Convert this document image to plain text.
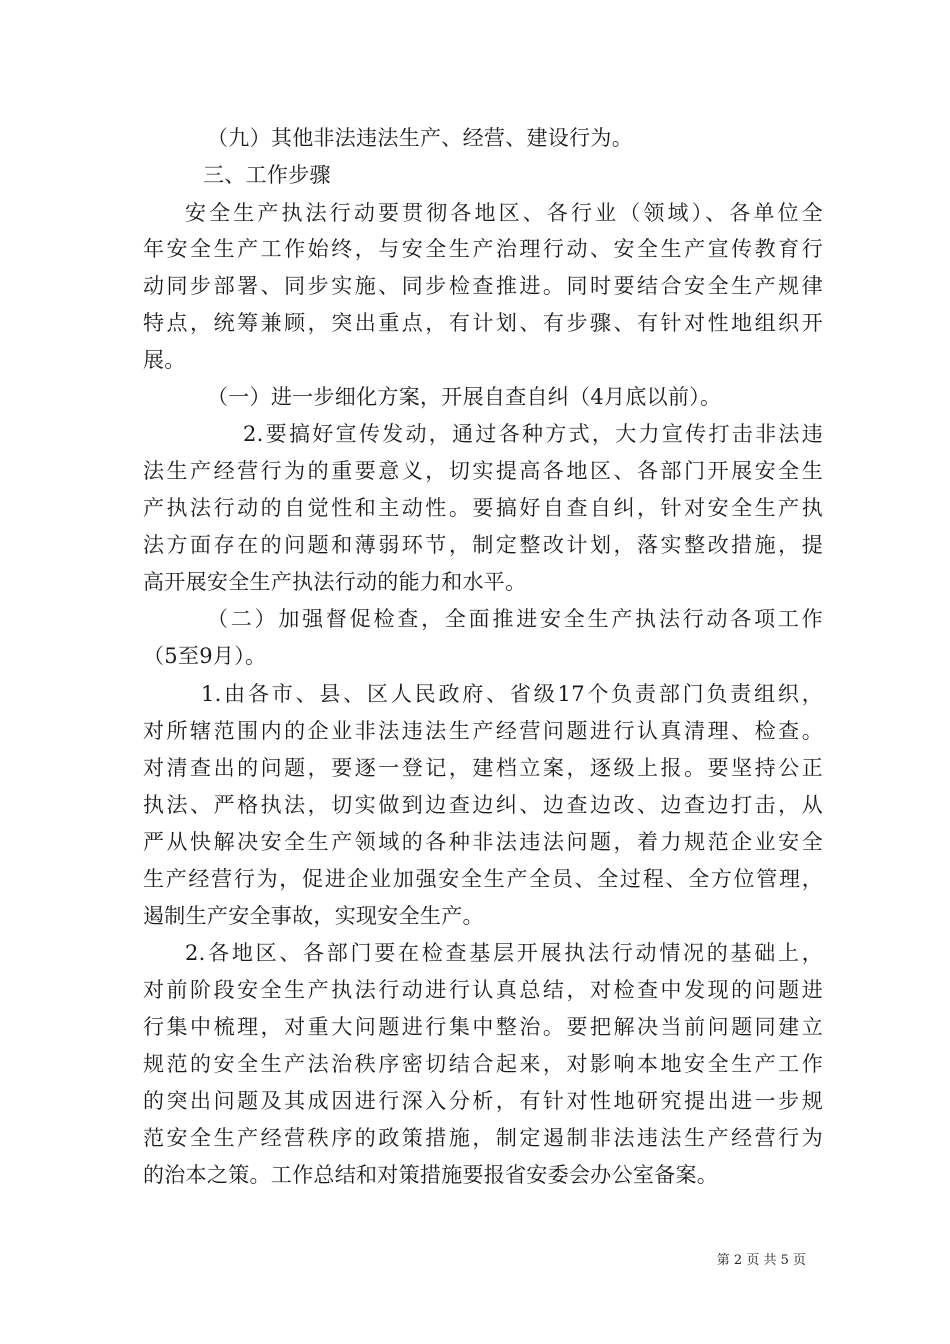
（九）其他非法违法生产、经营、建设行为。
三、工作步骤
安全生产执法行动要贯彻各地区、各行业（领域）、各单位全
年安全生产工作始终，与安全生产治理行动、安全生产宣传教育行
动同步部署、同步实施、同步检查推进。同时要结合安全生产规律
特点，统筹兼顾，突出重点，有计划、有步骤、有针对性地组织开
展。
（一）进一步细化方案，开展自查自纠（4月底以前）。
2.要搞好宣传发动，通过各种方式，大力宣传打击非法违
法生产经营行为的重要意义，切实提高各地区、各部门开展安全生
产执法行动的自觉性和主动性。要搞好自查自纠，针对安全生产执
法方面存在的问题和薄弱环节，制定整改计划，落实整改措施，提
高开展安全生产执法行动的能力和水平。
（二）加强督促检查，全面推进安全生产执法行动各项工作
（5至9月）。
1.由各市、县、区人民政府、省级17个负责部门负责组织，
对所辖范围内的企业非法违法生产经营问题进行认真清理、检查。
对清查出的问题，要逐一登记，建档立案，逐级上报。要坚持公正
执法、严格执法，切实做到边查边纠、边查边改、边查边打击，从
严从快解决安全生产领域的各种非法违法问题，着力规范企业安全
生产经营行为，促进企业加强安全生产全员、全过程、全方位管理，
遏制生产安全事故，实现安全生产。
2.各地区、各部门要在检查基层开展执法行动情况的基础上，
对前阶段安全生产执法行动进行认真总结，对检查中发现的问题进
行集中梳理，对重大问题进行集中整治。要把解决当前问题同建立
规范的安全生产法治秩序密切结合起来，对影响本地安全生产工作
的突出问题及其成因进行深入分析，有针对性地研究提出进一步规
范安全生产经营秩序的政策措施，制定遏制非法违法生产经营行为
的治本之策。工作总结和对策措施要报省安委会办公室备案。
第 2 页 共 5 页
